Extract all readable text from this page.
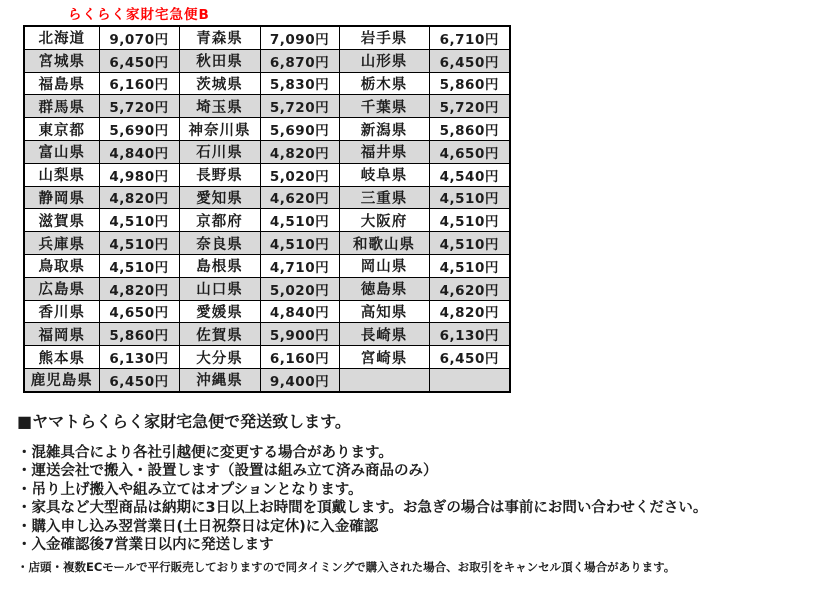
らくらく家財宅急便B
北海道	9,070円	青森県	7,090円	岩手県	6,710円
宮城県	6,450円	秋田県	6,870円	山形県	6,450円
福島県	6,160円	茨城県	5,830円	栃木県	5,860円
群馬県	5,720円	埼玉県	5,720円	千葉県	5,720円
東京都	5,690円	神奈川県	5,690円	新潟県	5,860円
富山県	4,840円	石川県	4,820円	福井県	4,650円
山梨県	4,980円	長野県	5,020円	岐阜県	4,540円
静岡県	4,820円	愛知県	4,620円	三重県	4,510円
滋賀県	4,510円	京都府	4,510円	大阪府	4,510円
兵庫県	4,510円	奈良県	4,510円	和歌山県	4,510円
鳥取県	4,510円	島根県	4,710円	岡山県	4,510円
広島県	4,820円	山口県	5,020円	徳島県	4,620円
香川県	4,650円	愛媛県	4,840円	高知県	4,820円
福岡県	5,860円	佐賀県	5,900円	長崎県	6,130円
熊本県	6,130円	大分県	6,160円	宮崎県	6,450円
鹿児島県	6,450円	沖縄県	9,400円		
■ヤマトらくらく家財宅急便で発送致します。
・混雑具合により各社引越便に変更する場合があります。
・運送会社で搬入・設置します（設置は組み立て済み商品のみ）
・吊り上げ搬入や組み立てはオプションとなります。
・家具など大型商品は納期に3日以上お時間を頂戴します。お急ぎの場合は事前にお問い合わせください。
・購入申し込み翌営業日(土日祝祭日は定休)に入金確認
・入金確認後7営業日以内に発送します
・店頭・複数ECモールで平行販売しておりますので同タイミングで購入された場合、お取引をキャンセル頂く場合があります。
